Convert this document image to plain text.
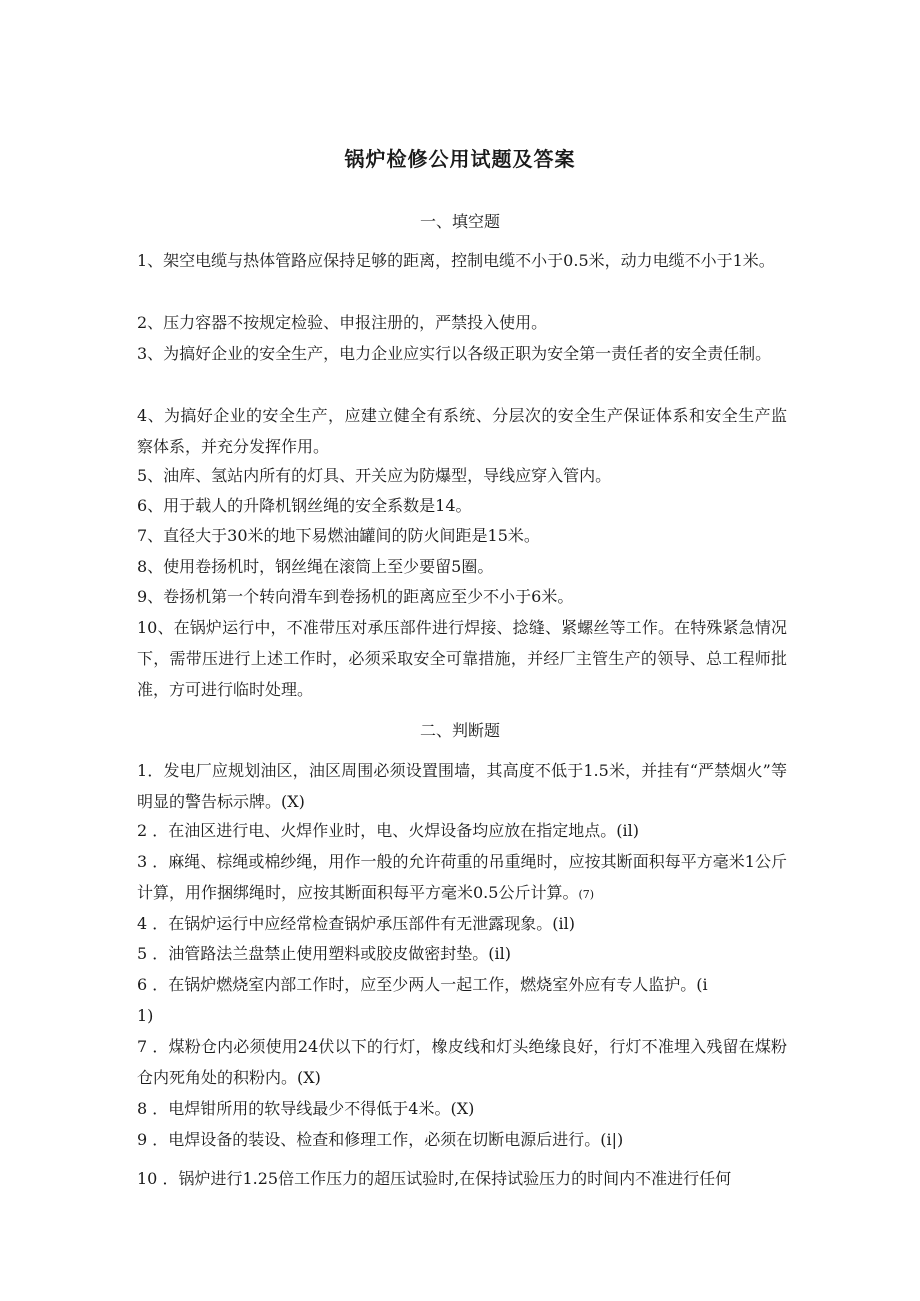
锅炉检修公用试题及答案
一、填空题

1、架空电缆与热体管路应保持足够的距离，控制电缆不小于0.5米，动力电缆不小于1米。

2、压力容器不按规定检验、申报注册的，严禁投入使用。

3、为搞好企业的安全生产，电力企业应实行以各级正职为安全第一责任者的安全责任制。

4、为搞好企业的安全生产，应建立健全有系统、分层次的安全生产保证体系和安全生产监察体系，并充分发挥作用。

5、油库、氢站内所有的灯具、开关应为防爆型，导线应穿入管内。

6、用于载人的升降机钢丝绳的安全系数是14。

7、直径大于30米的地下易燃油罐间的防火间距是15米。

8、使用卷扬机时，钢丝绳在滚筒上至少要留5圈。

9、卷扬机第一个转向滑车到卷扬机的距离应至少不小于6米。

10、在锅炉运行中，不准带压对承压部件进行焊接、捻缝、紧螺丝等工作。在特殊紧急情况下，需带压进行上述工作时，必须采取安全可靠措施，并经厂主管生产的领导、总工程师批准，方可进行临时处理。

二、判断题

1．发电厂应规划油区，油区周围必须设置围墙，其高度不低于1.5米，并挂有“严禁烟火”等明显的警告标示牌。(X)

2 ．在油区进行电、火焊作业时，电、火焊设备均应放在指定地点。(il)

3 ．麻绳、棕绳或棉纱绳，用作一般的允许荷重的吊重绳时，应按其断面积每平方毫米1公斤计算，用作捆绑绳时，应按其断面积每平方毫米0.5公斤计算。(7)

4 ．在锅炉运行中应经常检查锅炉承压部件有无泄露现象。(il)

5 ．油管路法兰盘禁止使用塑料或胶皮做密封垫。(il)

6 ．在锅炉燃烧室内部工作时，应至少两人一起工作，燃烧室外应有专人监护。(i

1)

7 ．煤粉仓内必须使用24伏以下的行灯，橡皮线和灯头绝缘良好，行灯不准埋入残留在煤粉仓内死角处的积粉内。(X)

8 ．电焊钳所用的软导线最少不得低于4米。(X)

9 ．电焊设备的装设、检查和修理工作，必须在切断电源后进行。(i|)

10 ．锅炉进行1.25倍工作压力的超压试验时,在保持试验压力的时间内不准进行任何
